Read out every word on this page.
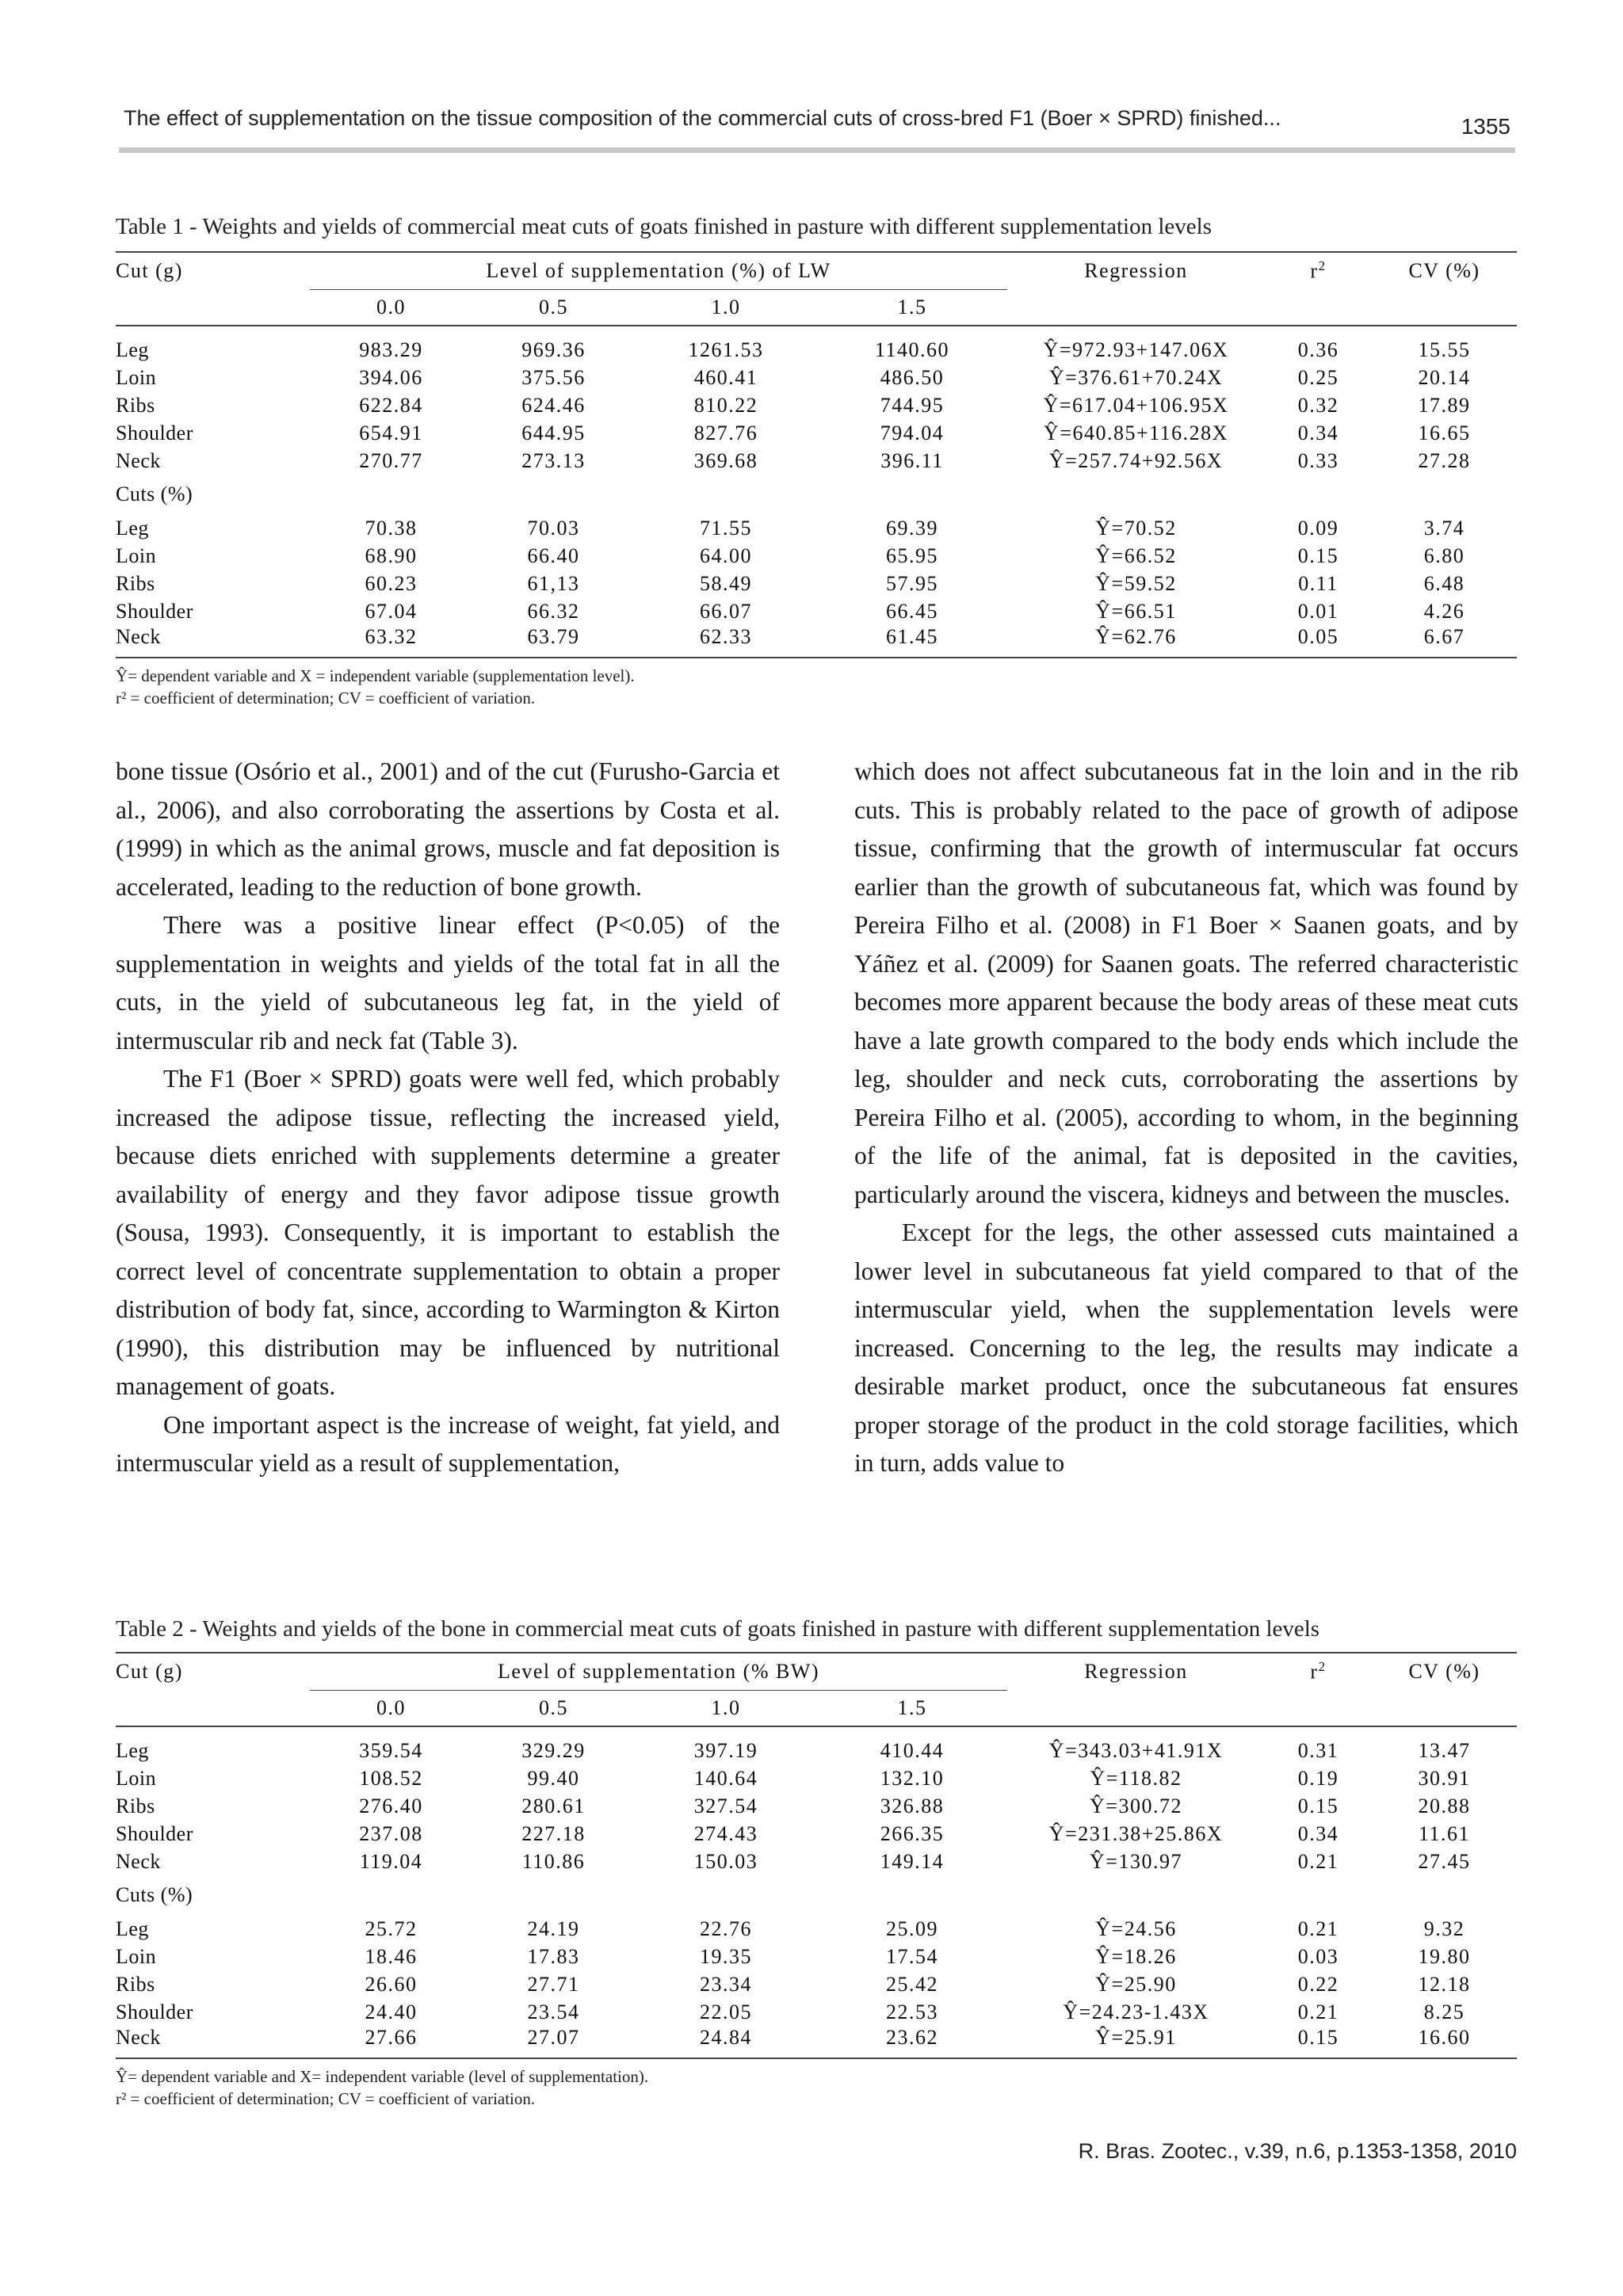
The effect of supplementation on the tissue composition of the commercial cuts of cross-bred F1 (Boer × SPRD) finished...	1355
Table 1 - Weights and yields of commercial meat cuts of goats finished in pasture with different supplementation levels
Cut (g)	Level of supplementation (%) of LW				Regression	$r^2$	CV (%)
	0.0	0.5	1.0	1.5			

Leg	983.29	969.36	1261.53	1140.60	Ŷ=972.93+147.06X	0.36	15.55
Loin	394.06	375.56	460.41	486.50	Ŷ=376.61+70.24X	0.25	20.14
Ribs	622.84	624.46	810.22	744.95	Ŷ=617.04+106.95X	0.32	17.89
Shoulder	654.91	644.95	827.76	794.04	Ŷ=640.85+116.28X	0.34	16.65
Neck	270.77	273.13	369.68	396.11	Ŷ=257.74+92.56X	0.33	27.28
Cuts (%)							
Leg	70.38	70.03	71.55	69.39	Ŷ=70.52	0.09	3.74
Loin	68.90	66.40	64.00	65.95	Ŷ=66.52	0.15	6.80
Ribs	60.23	61,13	58.49	57.95	Ŷ=59.52	0.11	6.48
Shoulder	67.04	66.32	66.07	66.45	Ŷ=66.51	0.01	4.26
Neck	63.32	63.79	62.33	61.45	Ŷ=62.76	0.05	6.67
Ŷ= dependent variable and X = independent variable (supplementation level).
r² = coefficient of determination; CV = coefficient of variation.

bone tissue (Osório et al., 2001) and of the cut (Furusho-Garcia et al., 2006), and also corroborating the assertions by Costa et al. (1999) in which as the animal grows, muscle and fat deposition is accelerated, leading to the reduction of bone growth.

There was a positive linear effect (P<0.05) of the supplementation in weights and yields of the total fat in all the cuts, in the yield of subcutaneous leg fat, in the yield of intermuscular rib and neck fat (Table 3).

The F1 (Boer × SPRD) goats were well fed, which probably increased the adipose tissue, reflecting the increased yield, because diets enriched with supplements determine a greater availability of energy and they favor adipose tissue growth (Sousa, 1993). Consequently, it is important to establish the correct level of concentrate supplementation to obtain a proper distribution of body fat, since, according to Warmington & Kirton (1990), this distribution may be influenced by nutritional management of goats.

One important aspect is the increase of weight, fat yield, and intermuscular yield as a result of supplementation,

which does not affect subcutaneous fat in the loin and in the rib cuts. This is probably related to the pace of growth of adipose tissue, confirming that the growth of intermuscular fat occurs earlier than the growth of subcutaneous fat, which was found by Pereira Filho et al. (2008) in F1 Boer × Saanen goats, and by Yáñez et al. (2009) for Saanen goats. The referred characteristic becomes more apparent because the body areas of these meat cuts have a late growth compared to the body ends which include the leg, shoulder and neck cuts, corroborating the assertions by Pereira Filho et al. (2005), according to whom, in the beginning of the life of the animal, fat is deposited in the cavities, particularly around the viscera, kidneys and between the muscles.

Except for the legs, the other assessed cuts maintained a lower level in subcutaneous fat yield compared to that of the intermuscular yield, when the supplementation levels were increased. Concerning to the leg, the results may indicate a desirable market product, once the subcutaneous fat ensures proper storage of the product in the cold storage facilities, which in turn, adds value to

Table 2 - Weights and yields of the bone in commercial meat cuts of goats finished in pasture with different supplementation levels
Cut (g)	Level of supplementation (% BW)				Regression	$r^2$	CV (%)
	0.0	0.5	1.0	1.5			

Leg	359.54	329.29	397.19	410.44	Ŷ=343.03+41.91X	0.31	13.47
Loin	108.52	99.40	140.64	132.10	Ŷ=118.82	0.19	30.91
Ribs	276.40	280.61	327.54	326.88	Ŷ=300.72	0.15	20.88
Shoulder	237.08	227.18	274.43	266.35	Ŷ=231.38+25.86X	0.34	11.61
Neck	119.04	110.86	150.03	149.14	Ŷ=130.97	0.21	27.45
Cuts (%)							
Leg	25.72	24.19	22.76	25.09	Ŷ=24.56	0.21	9.32
Loin	18.46	17.83	19.35	17.54	Ŷ=18.26	0.03	19.80
Ribs	26.60	27.71	23.34	25.42	Ŷ=25.90	0.22	12.18
Shoulder	24.40	23.54	22.05	22.53	Ŷ=24.23-1.43X	0.21	8.25
Neck	27.66	27.07	24.84	23.62	Ŷ=25.91	0.15	16.60
Ŷ= dependent variable and X= independent variable (level of supplementation).
r² = coefficient of determination; CV = coefficient of variation.
R. Bras. Zootec., v.39, n.6, p.1353-1358, 2010
